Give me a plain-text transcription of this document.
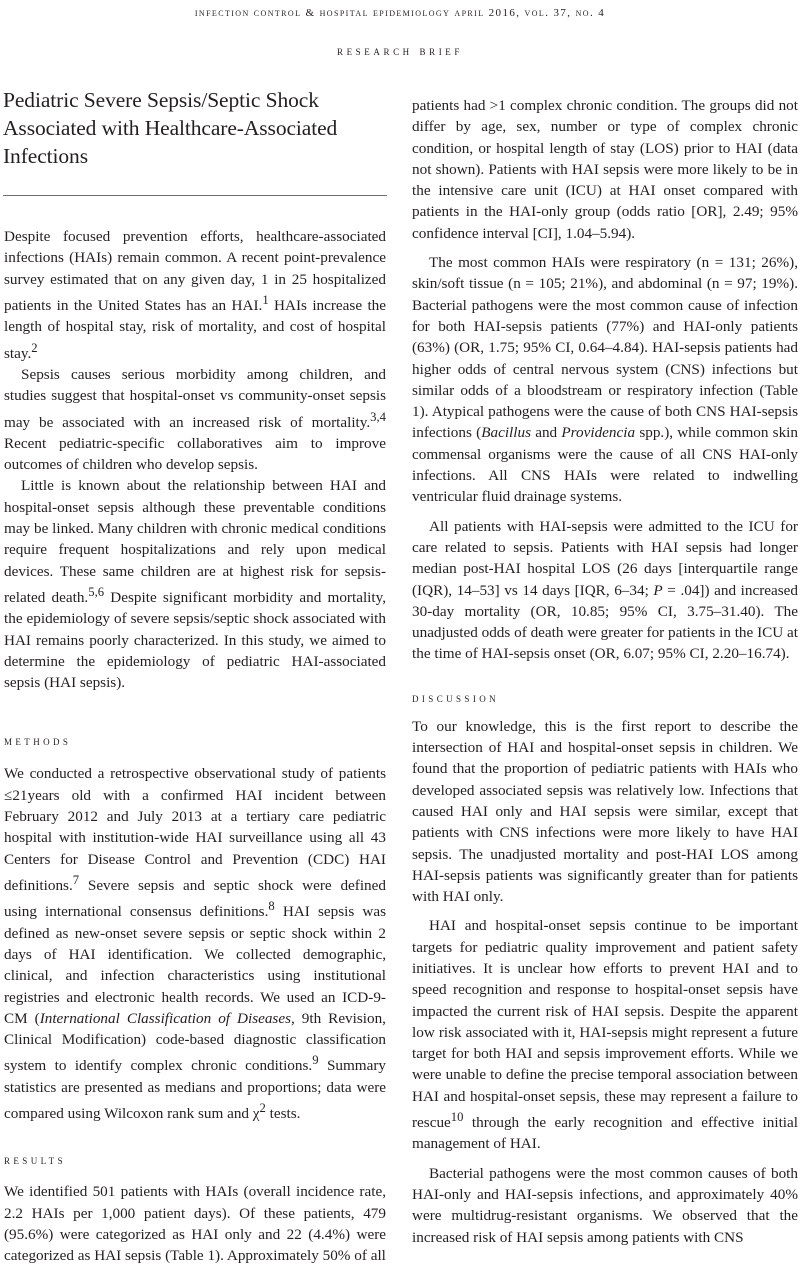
infection control & hospital epidemiology april 2016, vol. 37, no. 4
research brief
Pediatric Severe Sepsis/Septic Shock Associated with Healthcare-Associated Infections

Despite focused prevention efforts, healthcare-associated infections (HAIs) remain common. A recent point-prevalence survey estimated that on any given day, 1 in 25 hospitalized patients in the United States has an HAI.$^1$ HAIs increase the length of hospital stay, risk of mortality, and cost of hospital stay.$^2$

Sepsis causes serious morbidity among children, and studies suggest that hospital-onset vs community-onset sepsis may be associated with an increased risk of mortality.$^{3,4}$ Recent pediatric-specific collaboratives aim to improve outcomes of children who develop sepsis.

Little is known about the relationship between HAI and hospital-onset sepsis although these preventable conditions may be linked. Many children with chronic medical conditions require frequent hospitalizations and rely upon medical devices. These same children are at highest risk for sepsis-related death.$^{5,6}$ Despite significant morbidity and mortality, the epidemiology of severe sepsis/septic shock associated with HAI remains poorly characterized. In this study, we aimed to determine the epidemiology of pediatric HAI-associated sepsis (HAI sepsis).

methods

We conducted a retrospective observational study of patients ≤21years old with a confirmed HAI incident between February 2012 and July 2013 at a tertiary care pediatric hospital with institution-wide HAI surveillance using all 43 Centers for Disease Control and Prevention (CDC) HAI definitions.$^7$ Severe sepsis and septic shock were defined using international consensus definitions.$^8$ HAI sepsis was defined as new-onset severe sepsis or septic shock within 2 days of HAI identification. We collected demographic, clinical, and infection characteristics using institutional registries and electronic health records. We used an ICD-9-CM (International Classification of Diseases, 9th Revision, Clinical Modification) code-based diagnostic classification system to identify complex chronic conditions.$^9$ Summary statistics are presented as medians and proportions; data were compared using Wilcoxon rank sum and $\chi^2$ tests.

results

We identified 501 patients with HAIs (overall incidence rate, 2.2 HAIs per 1,000 patient days). Of these patients, 479 (95.6%) were categorized as HAI only and 22 (4.4%) were categorized as HAI sepsis (Table 1). Approximately 50% of all

patients had >1 complex chronic condition. The groups did not differ by age, sex, number or type of complex chronic condition, or hospital length of stay (LOS) prior to HAI (data not shown). Patients with HAI sepsis were more likely to be in the intensive care unit (ICU) at HAI onset compared with patients in the HAI-only group (odds ratio [OR], 2.49; 95% confidence interval [CI], 1.04–5.94).

The most common HAIs were respiratory (n = 131; 26%), skin/soft tissue (n = 105; 21%), and abdominal (n = 97; 19%). Bacterial pathogens were the most common cause of infection for both HAI-sepsis patients (77%) and HAI-only patients (63%) (OR, 1.75; 95% CI, 0.64–4.84). HAI-sepsis patients had higher odds of central nervous system (CNS) infections but similar odds of a bloodstream or respiratory infection (Table 1). Atypical pathogens were the cause of both CNS HAI-sepsis infections (Bacillus and Providencia spp.), while common skin commensal organisms were the cause of all CNS HAI-only infections. All CNS HAIs were related to indwelling ventricular fluid drainage systems.

All patients with HAI-sepsis were admitted to the ICU for care related to sepsis. Patients with HAI sepsis had longer median post-HAI hospital LOS (26 days [interquartile range (IQR), 14–53] vs 14 days [IQR, 6–34; P = .04]) and increased 30-day mortality (OR, 10.85; 95% CI, 3.75–31.40). The unadjusted odds of death were greater for patients in the ICU at the time of HAI-sepsis onset (OR, 6.07; 95% CI, 2.20–16.74).

discussion

To our knowledge, this is the first report to describe the intersection of HAI and hospital-onset sepsis in children. We found that the proportion of pediatric patients with HAIs who developed associated sepsis was relatively low. Infections that caused HAI only and HAI sepsis were similar, except that patients with CNS infections were more likely to have HAI sepsis. The unadjusted mortality and post-HAI LOS among HAI-sepsis patients was significantly greater than for patients with HAI only.

HAI and hospital-onset sepsis continue to be important targets for pediatric quality improvement and patient safety initiatives. It is unclear how efforts to prevent HAI and to speed recognition and response to hospital-onset sepsis have impacted the current risk of HAI sepsis. Despite the apparent low risk associated with it, HAI-sepsis might represent a future target for both HAI and sepsis improvement efforts. While we were unable to define the precise temporal association between HAI and hospital-onset sepsis, these may represent a failure to rescue$^{10}$ through the early recognition and effective initial management of HAI.

Bacterial pathogens were the most common causes of both HAI-only and HAI-sepsis infections, and approximately 40% were multidrug-resistant organisms. We observed that the increased risk of HAI sepsis among patients with CNS
